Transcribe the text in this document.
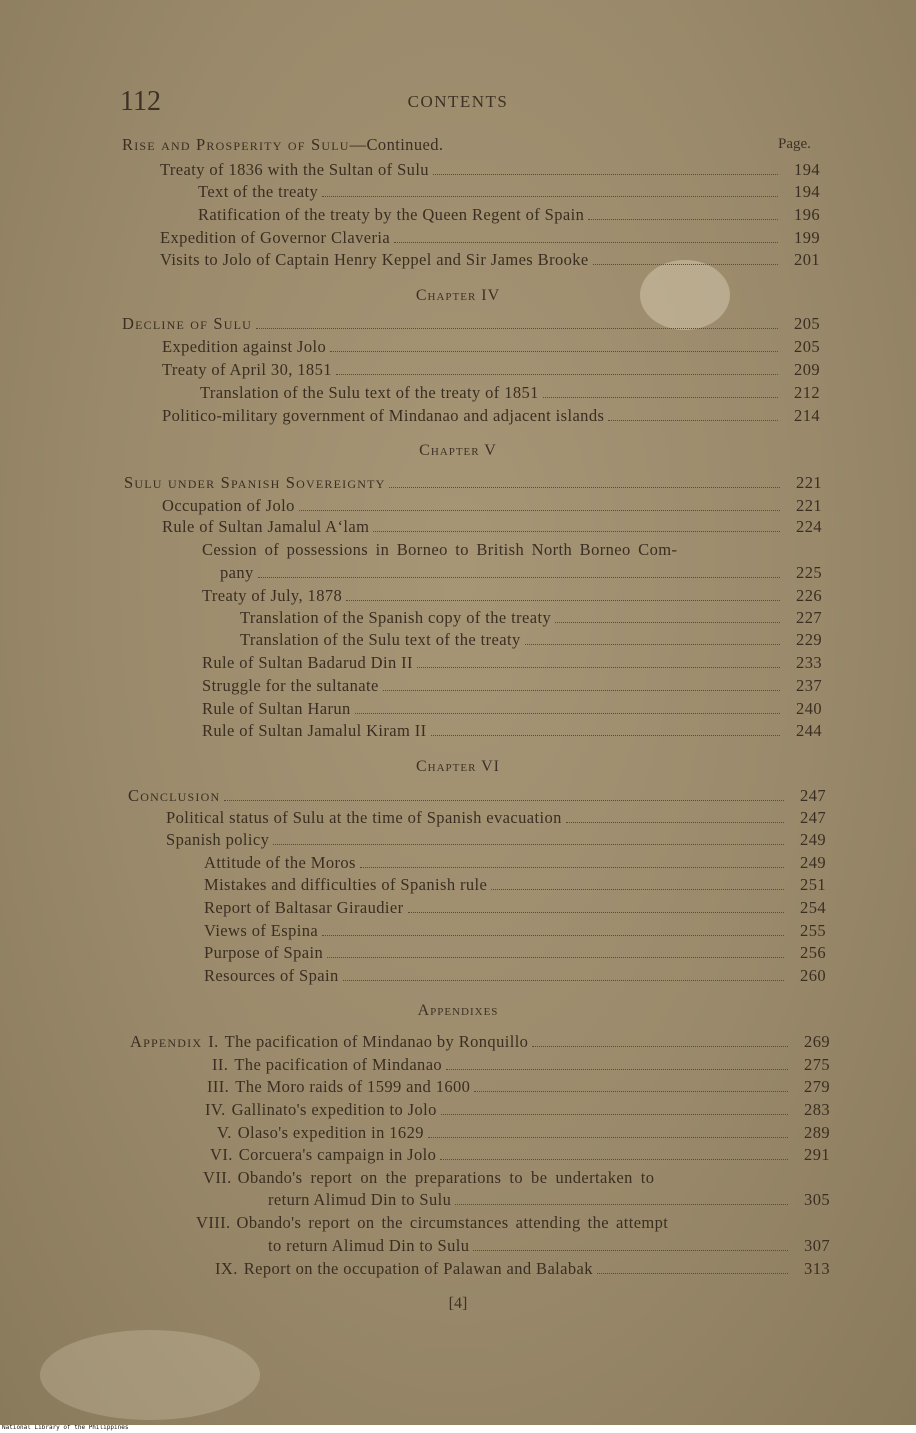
112	CONTENTS
Page.
Rise and Prosperity of Sulu—Continued.
Treaty of 1836 with the Sultan of Sulu	194
Text of the treaty	194
Ratification of the treaty by the Queen Regent of Spain	196
Expedition of Governor Claveria	199
Visits to Jolo of Captain Henry Keppel and Sir James Brooke	201
Chapter IV
Decline of Sulu	205
Expedition against Jolo	205
Treaty of April 30, 1851	209
Translation of the Sulu text of the treaty of 1851	212
Politico-military government of Mindanao and adjacent islands	214
Chapter V
Sulu under Spanish Sovereignty	221
Occupation of Jolo	221
Rule of Sultan Jamalul A‘lam	224
Cession of possessions in Borneo to British North Borneo Com-
pany	225
Treaty of July, 1878	226
Translation of the Spanish copy of the treaty	227
Translation of the Sulu text of the treaty	229
Rule of Sultan Badarud Din II	233
Struggle for the sultanate	237
Rule of Sultan Harun	240
Rule of Sultan Jamalul Kiram II	244
Chapter VI
Conclusion	247
Political status of Sulu at the time of Spanish evacuation	247
Spanish policy	249
Attitude of the Moros	249
Mistakes and difficulties of Spanish rule	251
Report of Baltasar Giraudier	254
Views of Espina	255
Purpose of Spain	256
Resources of Spain	260
Appendixes
Appendix I. The pacification of Mindanao by Ronquillo	269
II. The pacification of Mindanao	275
III. The Moro raids of 1599 and 1600	279
IV. Gallinato's expedition to Jolo	283
V. Olaso's expedition in 1629	289
VI. Corcuera's campaign in Jolo	291
VII. Obando's report on the preparations to be undertaken to
return Alimud Din to Sulu	305
VIII. Obando's report on the circumstances attending the attempt
to return Alimud Din to Sulu	307
IX. Report on the occupation of Palawan and Balabak	313
[4]
National Library of the Philippines
